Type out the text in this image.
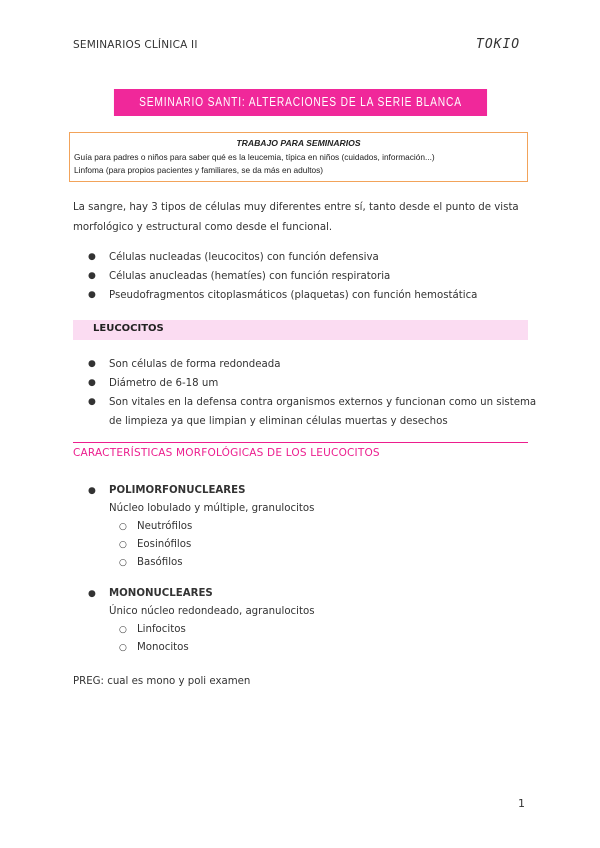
SEMINARIOS CLÍNICA II	TOKIO
SEMINARIO SANTI: ALTERACIONES DE LA SERIE BLANCA
TRABAJO PARA SEMINARIOS
Guía para padres o niños para saber qué es la leucemia, típica en niños (cuidados, información...)
Linfoma (para propios pacientes y familiares, se da más en adultos)
La sangre, hay 3 tipos de células muy diferentes entre sí, tanto desde el punto de vista
morfológico y estructural como desde el funcional.
● Células nucleadas (leucocitos) con función defensiva
● Células anucleadas (hematíes) con función respiratoria
● Pseudofragmentos citoplasmáticos (plaquetas) con función hemostática
LEUCOCITOS
● Son células de forma redondeada
● Diámetro de 6-18 um
● Son vitales en la defensa contra organismos externos y funcionan como un sistema
de limpieza ya que limpian y eliminan células muertas y desechos
CARACTERÍSTICAS MORFOLÓGICAS DE LOS LEUCOCITOS
● POLIMORFONUCLEARES
Núcleo lobulado y múltiple, granulocitos
○ Neutrófilos
○ Eosinófilos
○ Basófilos
● MONONUCLEARES
Único núcleo redondeado, agranulocitos
○ Linfocitos
○ Monocitos
PREG: cual es mono y poli examen
1
